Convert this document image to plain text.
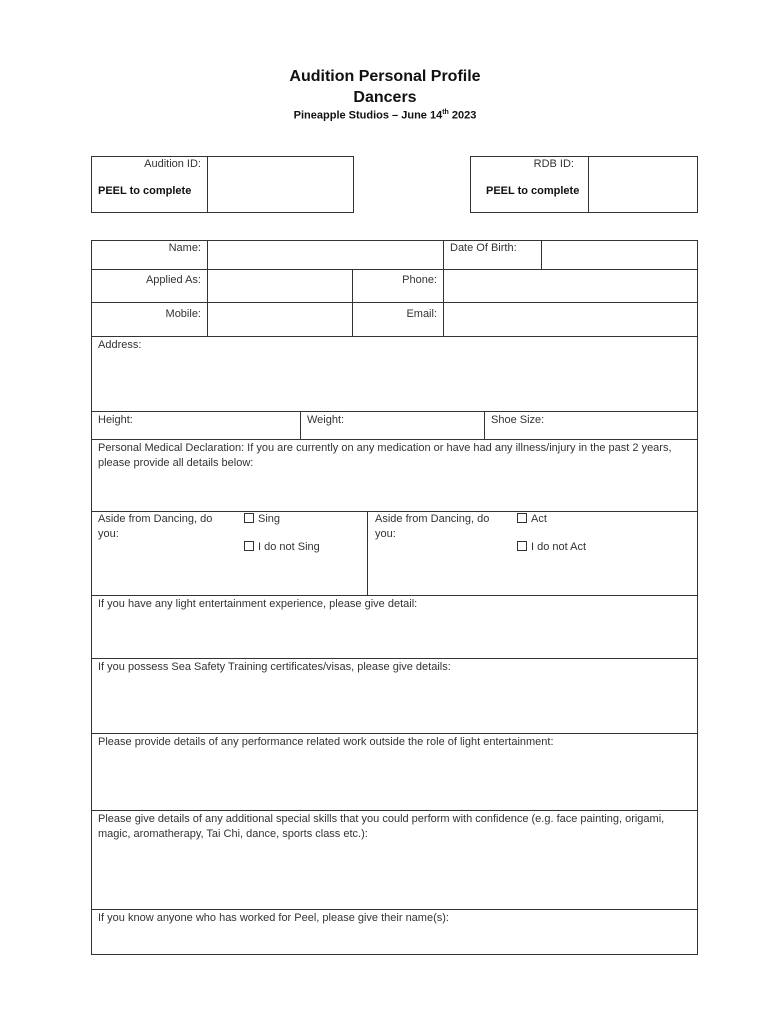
Audition Personal Profile
Dancers
Pineapple Studios – June 14th 2023
Audition ID:
PEEL to complete
RDB ID:
PEEL to complete
Name:	Date Of Birth:
Applied As:	Phone:
Mobile:	Email:
Address:
Height:	Weight:	Shoe Size:
Personal Medical Declaration: If you are currently on any medication or have had any illness/injury in the past 2 years, please provide all details below:
Aside from Dancing, do you:
Sing
I do not Sing
Aside from Dancing, do you:
Act
I do not Act
If you have any light entertainment experience, please give detail:
If you possess Sea Safety Training certificates/visas, please give details:
Please provide details of any performance related work outside the role of light entertainment:
Please give details of any additional special skills that you could perform with confidence (e.g. face painting, origami, magic, aromatherapy, Tai Chi, dance, sports class etc.):
If you know anyone who has worked for Peel, please give their name(s):
